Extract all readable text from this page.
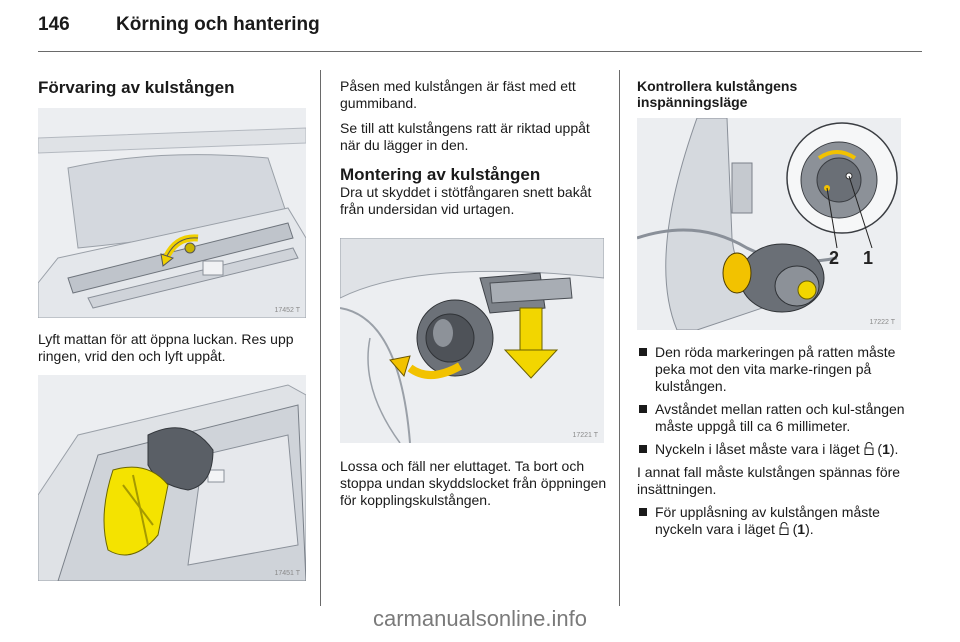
146 Körning och hantering
Förvaring av kulstången
17452 T

Lyft mattan för att öppna luckan. Res upp ringen, vrid den och lyft uppåt.

17451 T

Påsen med kulstången är fäst med ett gummiband.

Se till att kulstångens ratt är riktad uppåt när du lägger in den.

Montering av kulstången

Dra ut skyddet i stötfångaren snett bakåt från undersidan vid urtagen.

17221 T

Lossa och fäll ner eluttaget. Ta bort och stoppa undan skyddslocket från öppningen för kopplingskulstången.

Kontrollera kulstångens inspänningsläge
2 1
17222 T
Den röda markeringen på ratten måste peka mot den vita marke-ringen på kulstången.
Avståndet mellan ratten och kul-stången måste uppgå till ca 6 millimeter.
Nyckeln i låset måste vara i läget  (1).

I annat fall måste kulstången spännas före insättningen.

För upplåsning av kulstången måste nyckeln vara i läget  (1).
carmanualsonline.info
